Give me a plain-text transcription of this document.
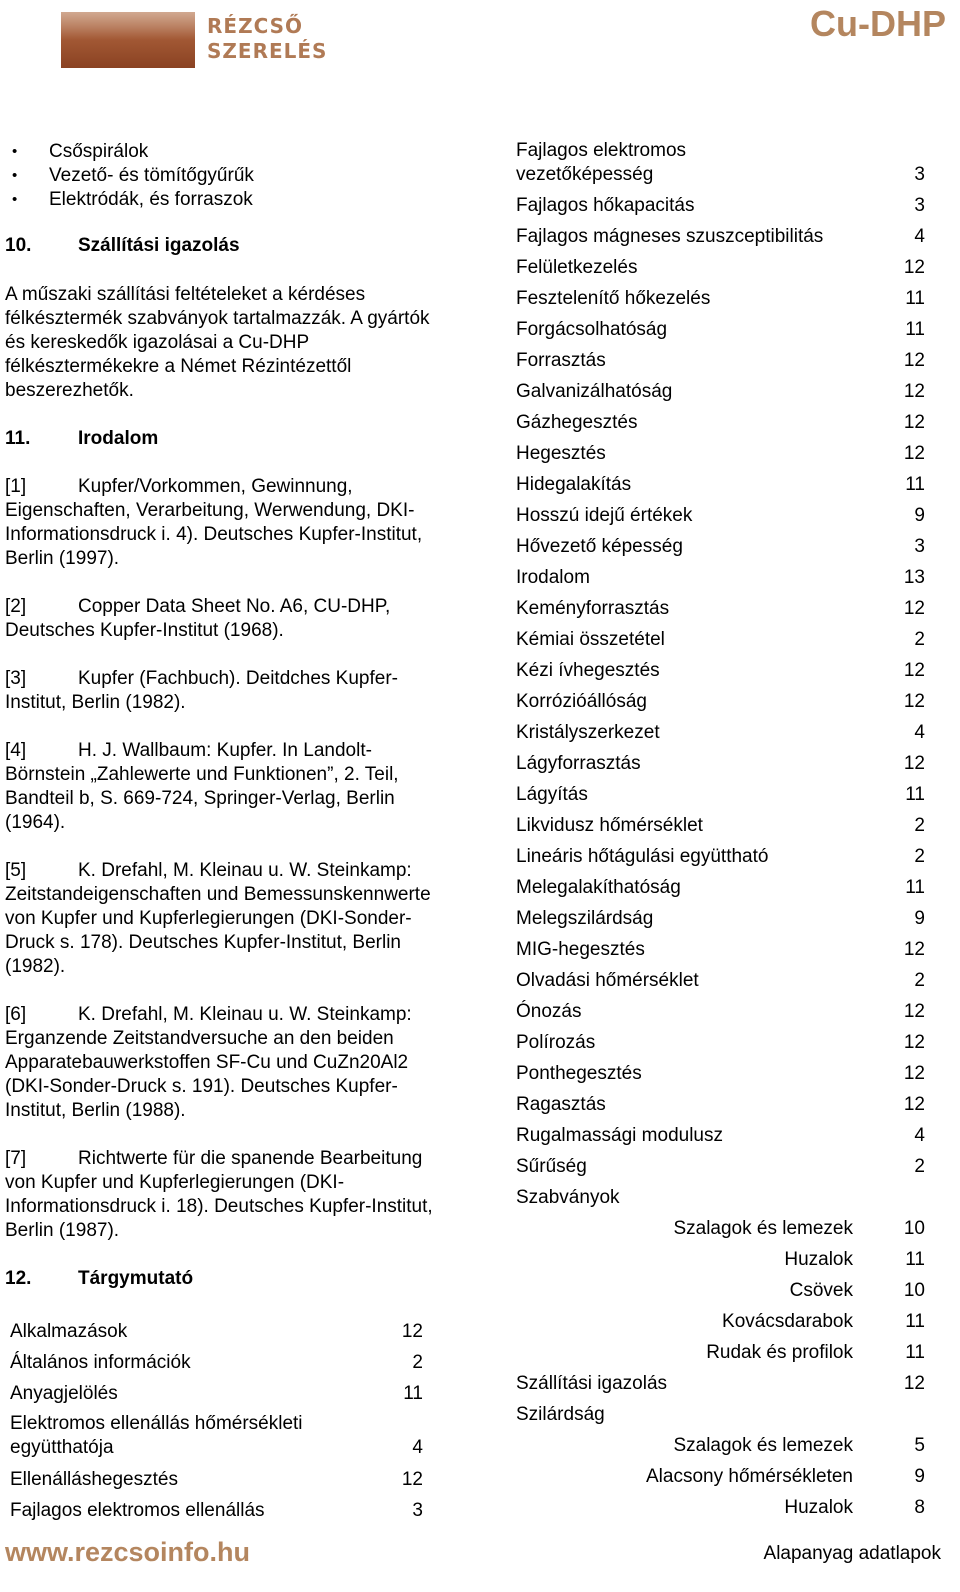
RÉZCSŐ
SZERELÉS
Cu-DHP
• Csőspirálok
• Vezető- és tömítőgyűrűk
• Elektródák, és forraszok
10. Szállítási igazolás
A műszaki szállítási feltételeket a kérdéses félkésztermék szabványok tartalmazzák. A gyártók és kereskedők igazolásai a Cu-DHP félkésztermékekre a Német Rézintézettől beszerezhetők.
11.	Irodalom
[1]	Kupfer/Vorkommen, Gewinnung, Eigenschaften, Verarbeitung, Werwendung, DKI-Informationsdruck i. 4). Deutsches Kupfer-Institut, Berlin (1997).
[2]	Copper Data Sheet No. A6, CU-DHP, Deutsches Kupfer-Institut (1968).
[3]	Kupfer (Fachbuch). Deitdches Kupfer-Institut, Berlin (1982).
[4]	H. J. Wallbaum: Kupfer. In Landolt-Börnstein „Zahlewerte und Funktionen”, 2. Teil, Bandteil b, S. 669-724, Springer-Verlag, Berlin (1964).
[5]	K. Drefahl, M. Kleinau u. W. Steinkamp: Zeitstandeigenschaften und Bemessunskennwerte von Kupfer und Kupferlegierungen (DKI-Sonder-Druck s. 178). Deutsches Kupfer-Institut, Berlin (1982).
[6]	K. Drefahl, M. Kleinau u. W. Steinkamp: Erganzende Zeitstandversuche an den beiden Apparatebauwerkstoffen SF-Cu und CuZn20Al2 (DKI-Sonder-Druck s. 191). Deutsches Kupfer-Institut, Berlin (1988).
[7]	Richtwerte für die spanende Bearbeitung von Kupfer und Kupferlegierungen (DKI-Informationsdruck i. 18). Deutsches Kupfer-Institut, Berlin (1987).
12. Tárgymutató
Alkalmazások	12
Általános információk	2
Anyagjelölés	11
Elektromos ellenállás hőmérsékleti együtthatója	4
Ellenálláshegesztés	12
Fajlagos elektromos ellenállás	3
Fajlagos elektromos vezetőképesség	3
Fajlagos hőkapacitás	3
Fajlagos mágneses szuszceptibilitás	4
Felületkezelés	12
Fesztelenítő hőkezelés	11
Forgácsolhatóság	11
Forrasztás	12
Galvanizálhatóság	12
Gázhegesztés	12
Hegesztés	12
Hidegalakítás	11
Hosszú idejű értékek	9
Hővezető képesség	3
Irodalom	13
Keményforrasztás	12
Kémiai összetétel	2
Kézi ívhegesztés	12
Korrózióállóság	12
Kristályszerkezet	4
Lágyforrasztás	12
Lágyítás	11
Likvidusz hőmérséklet	2
Lineáris hőtágulási együttható	2
Melegalakíthatóság	11
Melegszilárdság	9
MIG-hegesztés	12
Olvadási hőmérséklet	2
Ónozás	12
Polírozás	12
Ponthegesztés	12
Ragasztás	12
Rugalmassági modulusz	4
Sűrűség	2
Szabványok
Szalagok és lemezek	10
Huzalok	11
Csövek	10
Kovácsdarabok	11
Rudak és profilok	11
Szállítási igazolás	12
Szilárdság
Szalagok és lemezek	5
Alacsony hőmérsékleten	9
Huzalok	8
www.rezcsoinfo.hu	Alapanyag adatlapok
